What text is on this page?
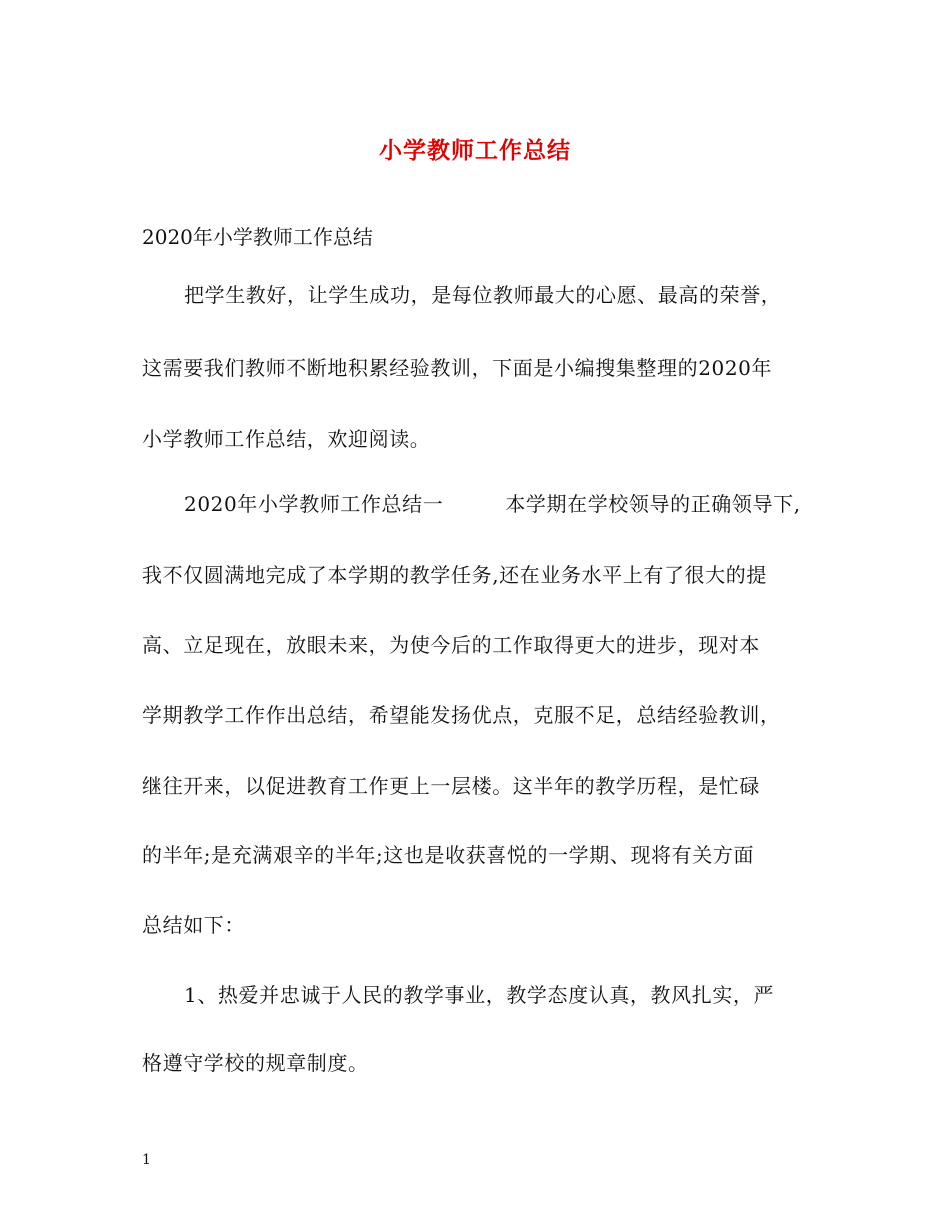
小学教师工作总结
2020年小学教师工作总结
把学生教好，让学生成功，是每位教师最大的心愿、最高的荣誉，
这需要我们教师不断地积累经验教训，下面是小编搜集整理的2020年
小学教师工作总结，欢迎阅读。
2020年小学教师工作总结一	本学期在学校领导的正确领导下,
我不仅圆满地完成了本学期的教学任务,还在业务水平上有了很大的提
高、立足现在，放眼未来，为使今后的工作取得更大的进步，现对本
学期教学工作作出总结，希望能发扬优点，克服不足，总结经验教训，
继往开来，以促进教育工作更上一层楼。这半年的教学历程，是忙碌
的半年;是充满艰辛的半年;这也是收获喜悦的一学期、现将有关方面
总结如下：
1、热爱并忠诚于人民的教学事业，教学态度认真，教风扎实，严
格遵守学校的规章制度。
1
